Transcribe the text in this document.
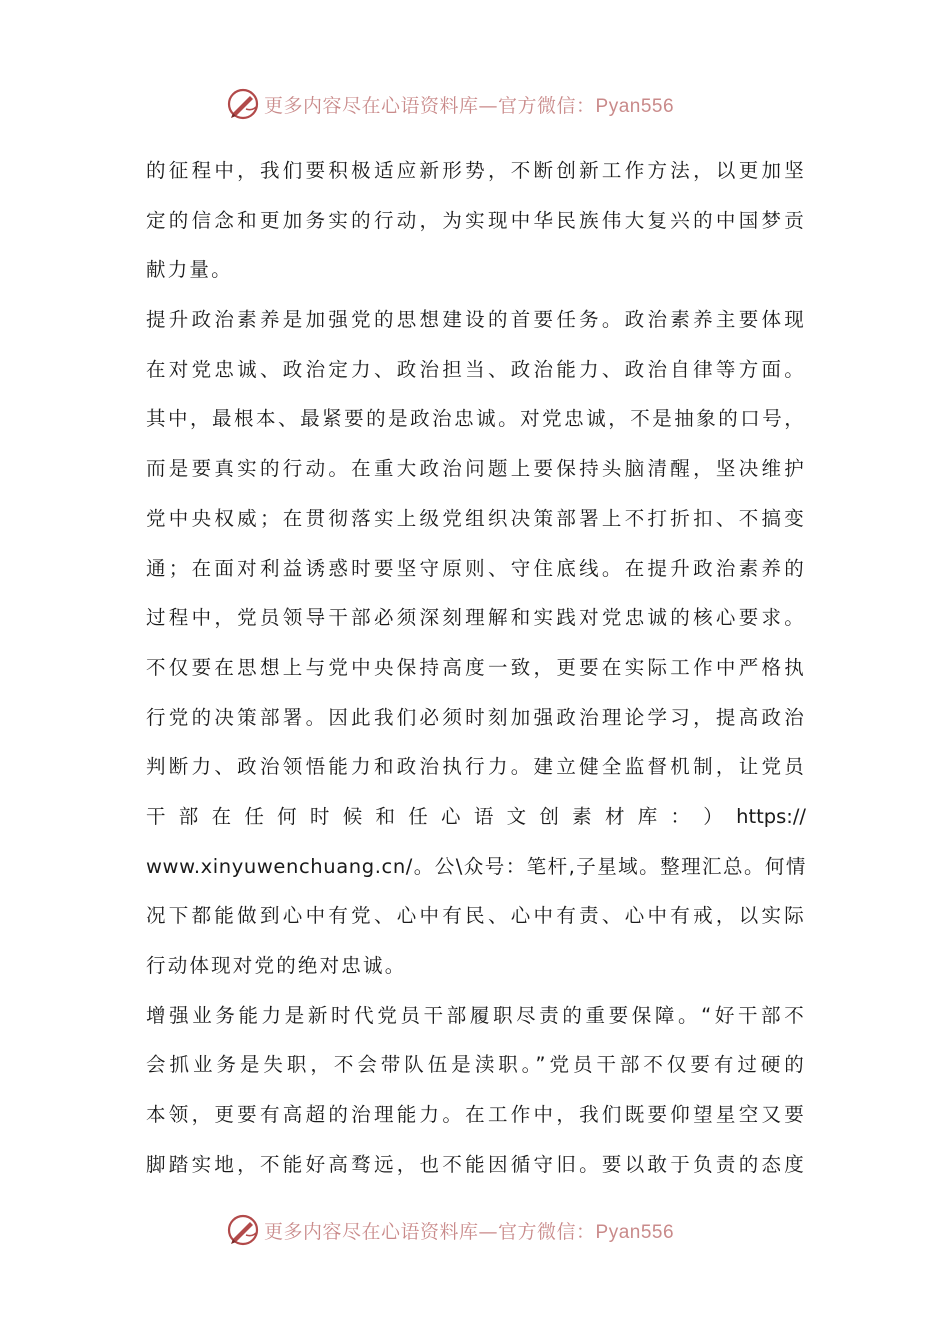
更多内容尽在心语资料库—官方微信：Pyan556
的征程中，我们要积极适应新形势，不断创新工作方法，以更加坚
定的信念和更加务实的行动，为实现中华民族伟大复兴的中国梦贡
献力量。
提升政治素养是加强党的思想建设的首要任务。政治素养主要体现
在对党忠诚、政治定力、政治担当、政治能力、政治自律等方面。
其中，最根本、最紧要的是政治忠诚。对党忠诚，不是抽象的口号，
而是要真实的行动。在重大政治问题上要保持头脑清醒，坚决维护
党中央权威；在贯彻落实上级党组织决策部署上不打折扣、不搞变
通；在面对利益诱惑时要坚守原则、守住底线。在提升政治素养的
过程中，党员领导干部必须深刻理解和实践对党忠诚的核心要求。
不仅要在思想上与党中央保持高度一致，更要在实际工作中严格执
行党的决策部署。因此我们必须时刻加强政治理论学习，提高政治
判断力、政治领悟能力和政治执行力。建立健全监督机制，让党员
干 部 在 任 何 时 候 和 任 心 语 文 创 素 材 库 ： ） https://
www.xinyuwenchuang.cn/。公\众号：笔杆,子星域。整理汇总。何情
况下都能做到心中有党、心中有民、心中有责、心中有戒，以实际
行动体现对党的绝对忠诚。
增强业务能力是新时代党员干部履职尽责的重要保障。“好干部不
会抓业务是失职，不会带队伍是渎职。”党员干部不仅要有过硬的
本领，更要有高超的治理能力。在工作中，我们既要仰望星空又要
脚踏实地，不能好高骛远，也不能因循守旧。要以敢于负责的态度
更多内容尽在心语资料库—官方微信：Pyan556
